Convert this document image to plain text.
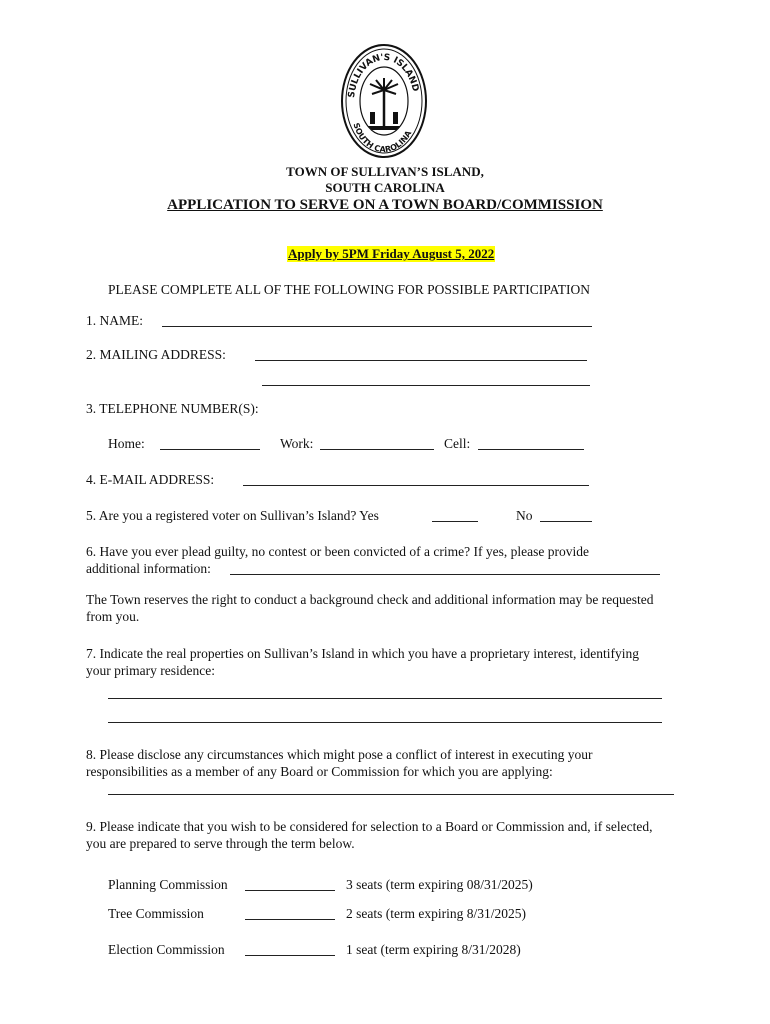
SULLIVAN'S ISLAND
SOUTH CAROLINA
TOWN OF SULLIVAN’S ISLAND,
SOUTH CAROLINA
APPLICATION TO SERVE ON A TOWN BOARD/COMMISSION
Apply by 5PM Friday August 5, 2022
PLEASE COMPLETE ALL OF THE FOLLOWING FOR POSSIBLE PARTICIPATION
1. NAME:
2. MAILING ADDRESS:
3. TELEPHONE NUMBER(S):
Home:	Work:	Cell:
4. E-MAIL ADDRESS:
5. Are you a registered voter on Sullivan’s Island? Yes	No
6. Have you ever plead guilty, no contest or been convicted of a crime? If yes, please provide
additional information:
The Town reserves the right to conduct a background check and additional information may be requested from you.
7. Indicate the real properties on Sullivan’s Island in which you have a proprietary interest, identifying your primary residence:
8. Please disclose any circumstances which might pose a conflict of interest in executing your responsibilities as a member of any Board or Commission for which you are applying:
9. Please indicate that you wish to be considered for selection to a Board or Commission and, if selected, you are prepared to serve through the term below.
Planning Commission	3 seats (term expiring 08/31/2025)
Tree Commission	2 seats (term expiring 8/31/2025)
Election Commission	1 seat (term expiring 8/31/2028)
